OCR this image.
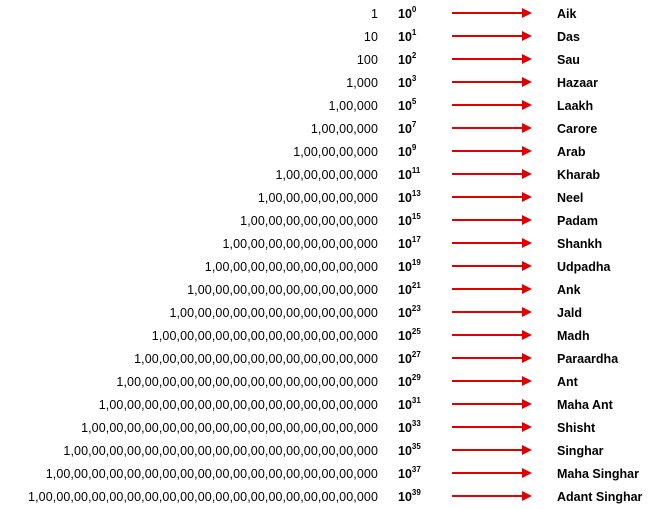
1 $10^0$	Aik
10 $10^1$	Das
100 $10^2$	Sau
1,000 $10^3$	Hazaar
1,00,000 $10^5$	Laakh
1,00,00,000 $10^7$	Carore
1,00,00,00,000 $10^9$	Arab
1,00,00,00,00,000 $10^{11}$	Kharab
1,00,00,00,00,00,000 $10^{13}$	Neel
1,00,00,00,00,00,00,000 $10^{15}$	Padam
1,00,00,00,00,00,00,00,000 $10^{17}$	Shankh
1,00,00,00,00,00,00,00,00,000 $10^{19}$	Udpadha
1,00,00,00,00,00,00,00,00,00,000 $10^{21}$	Ank
1,00,00,00,00,00,00,00,00,00,00,000 $10^{23}$	Jald
1,00,00,00,00,00,00,00,00,00,00,00,000 $10^{25}$	Madh
1,00,00,00,00,00,00,00,00,00,00,00,00,000 $10^{27}$	Paraardha
1,00,00,00,00,00,00,00,00,00,00,00,00,00,000 $10^{29}$	Ant
1,00,00,00,00,00,00,00,00,00,00,00,00,00,00,000 $10^{31}$	Maha Ant
1,00,00,00,00,00,00,00,00,00,00,00,00,00,00,00,000 $10^{33}$	Shisht
1,00,00,00,00,00,00,00,00,00,00,00,00,00,00,00,00,000 $10^{35}$	Singhar
1,00,00,00,00,00,00,00,00,00,00,00,00,00,00,00,00,00,000 $10^{37}$	Maha Singhar
1,00,00,00,00,00,00,00,00,00,00,00,00,00,00,00,00,00,00,000 $10^{39}$	Adant Singhar
